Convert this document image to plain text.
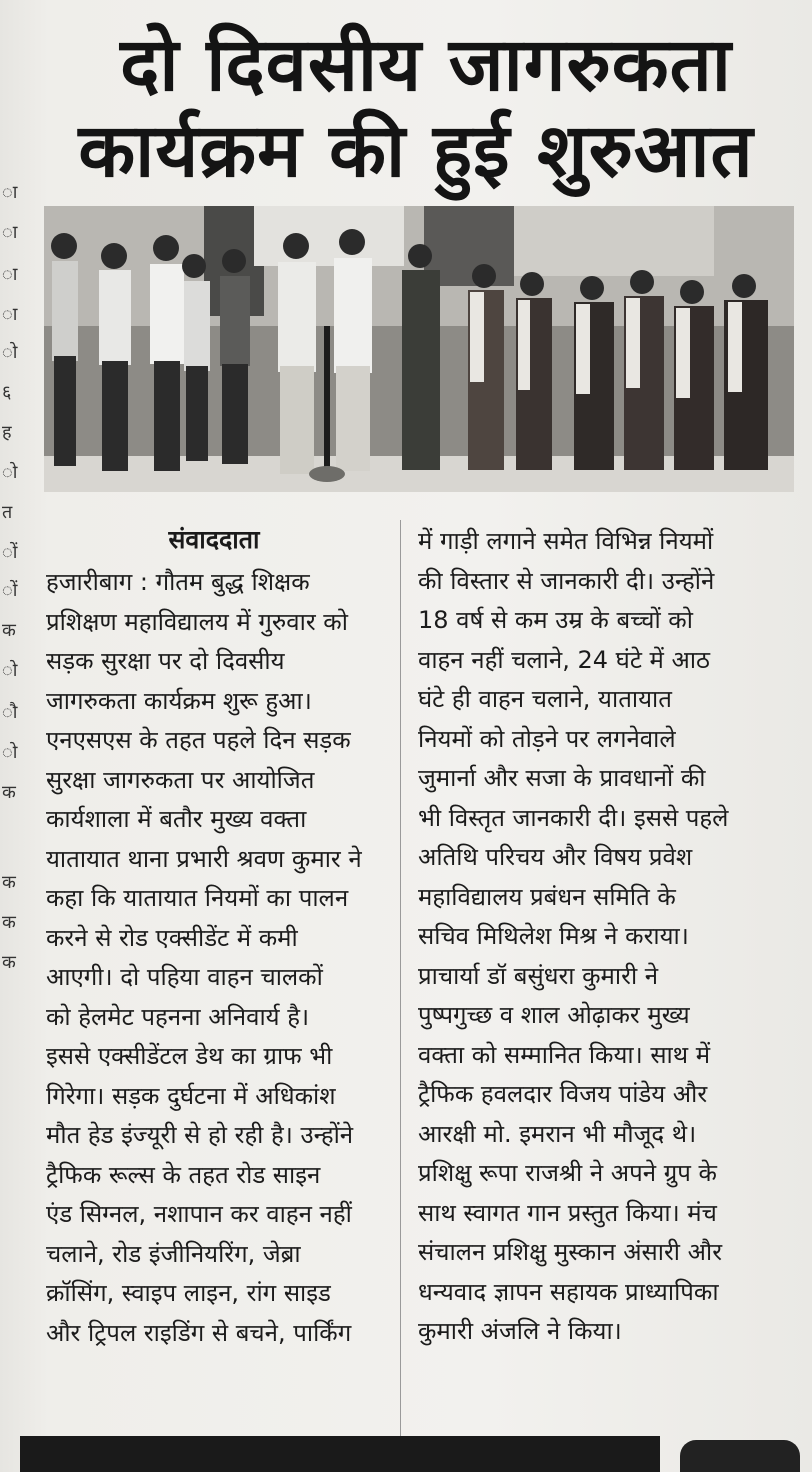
ा
ा
ा
ा
ो
६
ह
ो
त
ों
ों
क
ो
ौ
ो
क
क
क
क
दो दिवसीय जागरुकता
कार्यक्रम की हुई शुरुआत
संवाददाता
हजारीबाग : गौतम बुद्ध शिक्षक
प्रशिक्षण महाविद्यालय में गुरुवार को
सड़क सुरक्षा पर दो दिवसीय
जागरुकता कार्यक्रम शुरू हुआ।
एनएसएस के तहत पहले दिन सड़क
सुरक्षा जागरुकता पर आयोजित
कार्यशाला में बतौर मुख्य वक्ता
यातायात थाना प्रभारी श्रवण कुमार ने
कहा कि यातायात नियमों का पालन
करने से रोड एक्सीडेंट में कमी
आएगी। दो पहिया वाहन चालकों
को हेलमेट पहनना अनिवार्य है।
इससे एक्सीडेंटल डेथ का ग्राफ भी
गिरेगा। सड़क दुर्घटना में अधिकांश
मौत हेड इंज्यूरी से हो रही है। उन्होंने
ट्रैफिक रूल्स के तहत रोड साइन
एंड सिग्नल, नशापान कर वाहन नहीं
चलाने, रोड इंजीनियरिंग, जेब्रा
क्रॉसिंग, स्वाइप लाइन, रांग साइड
और ट्रिपल राइडिंग से बचने, पार्किंग
में गाड़ी लगाने समेत विभिन्न नियमों
की विस्तार से जानकारी दी। उन्होंने
18 वर्ष से कम उम्र के बच्चों को
वाहन नहीं चलाने, 24 घंटे में आठ
घंटे ही वाहन चलाने, यातायात
नियमों को तोड़ने पर लगनेवाले
जुमार्ना और सजा के प्रावधानों की
भी विस्तृत जानकारी दी। इससे पहले
अतिथि परिचय और विषय प्रवेश
महाविद्यालय प्रबंधन समिति के
सचिव मिथिलेश मिश्र ने कराया।
प्राचार्या डॉ बसुंधरा कुमारी ने
पुष्पगुच्छ व शाल ओढ़ाकर मुख्य
वक्ता को सम्मानित किया। साथ में
ट्रैफिक हवलदार विजय पांडेय और
आरक्षी मो. इमरान भी मौजूद थे।
प्रशिक्षु रूपा राजश्री ने अपने ग्रुप के
साथ स्वागत गान प्रस्तुत किया। मंच
संचालन प्रशिक्षु मुस्कान अंसारी और
धन्यवाद ज्ञापन सहायक प्राध्यापिका
कुमारी अंजलि ने किया।
